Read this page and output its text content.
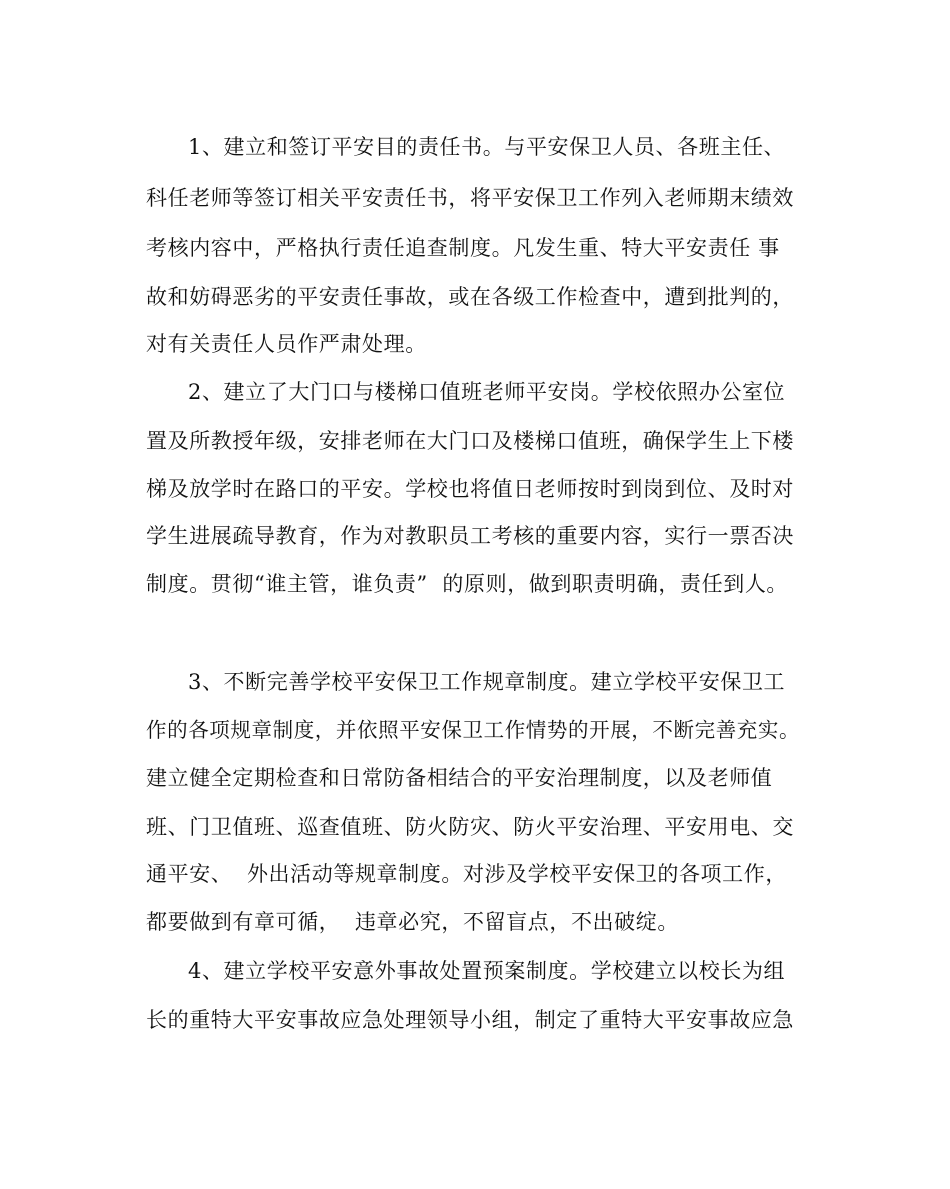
1、建立和签订平安目的责任书。与平安保卫人员、各班主任、
科任老师等签订相关平安责任书，将平安保卫工作列入老师期末绩效
考核内容中，严格执行责任追查制度。凡发生重、特大平安责任 事
故和妨碍恶劣的平安责任事故，或在各级工作检查中，遭到批判的，
对有关责任人员作严肃处理。
2、建立了大门口与楼梯口值班老师平安岗。学校依照办公室位
置及所教授年级，安排老师在大门口及楼梯口值班，确保学生上下楼
梯及放学时在路口的平安。学校也将值日老师按时到岗到位、及时对
学生进展疏导教育，作为对教职员工考核的重要内容，实行一票否决
制度。贯彻“谁主管，谁负责”  的原则，做到职责明确，责任到人。
3、不断完善学校平安保卫工作规章制度。建立学校平安保卫工
作的各项规章制度，并依照平安保卫工作情势的开展，不断完善充实。
建立健全定期检查和日常防备相结合的平安治理制度，以及老师值
班、门卫值班、巡查值班、防火防灾、防火平安治理、平安用电、交
通平安、  外出活动等规章制度。对涉及学校平安保卫的各项工作，
都要做到有章可循，  违章必究，不留盲点，不出破绽。
4、建立学校平安意外事故处置预案制度。学校建立以校长为组
长的重特大平安事故应急处理领导小组，制定了重特大平安事故应急
